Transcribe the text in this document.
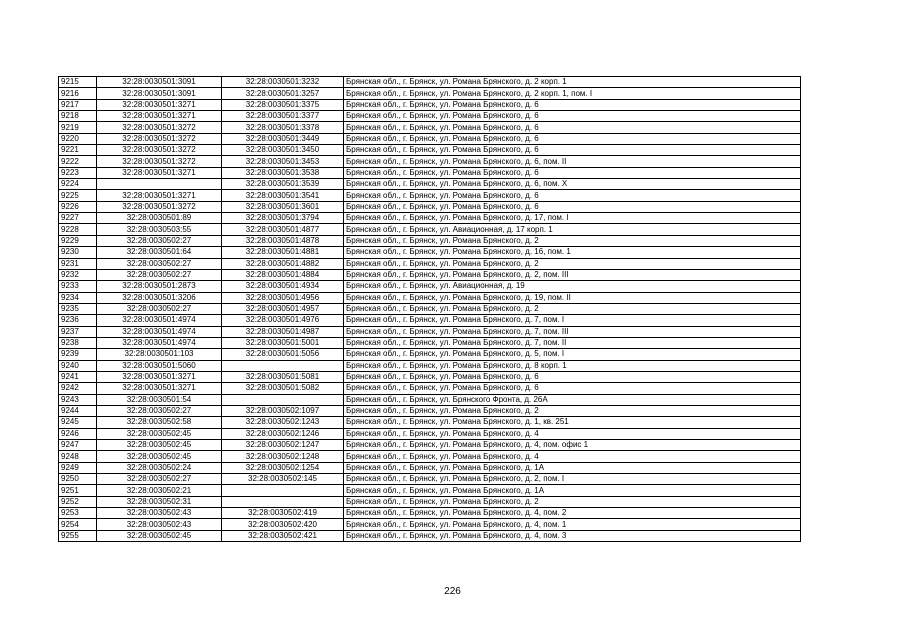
9215	32:28:0030501:3091	32:28:0030501:3232	Брянская обл., г. Брянск, ул. Романа Брянского, д. 2 корп. 1
9216	32:28:0030501:3091	32:28:0030501:3257	Брянская обл., г. Брянск, ул. Романа Брянского, д. 2 корп. 1, пом. I
9217	32:28:0030501:3271	32:28:0030501:3375	Брянская обл., г. Брянск, ул. Романа Брянского, д. 6
9218	32:28:0030501:3271	32:28:0030501:3377	Брянская обл., г. Брянск, ул. Романа Брянского, д. 6
9219	32:28:0030501:3272	32:28:0030501:3378	Брянская обл., г. Брянск, ул. Романа Брянского, д. 6
9220	32:28:0030501:3272	32:28:0030501:3449	Брянская обл., г. Брянск, ул. Романа Брянского, д. 6
9221	32:28:0030501:3272	32:28:0030501:3450	Брянская обл., г. Брянск, ул. Романа Брянского, д. 6
9222	32:28:0030501:3272	32:28:0030501:3453	Брянская обл., г. Брянск, ул. Романа Брянского, д. 6, пом. II
9223	32:28:0030501:3271	32:28:0030501:3538	Брянская обл., г. Брянск, ул. Романа Брянского, д. 6
9224		32:28:0030501:3539	Брянская обл., г. Брянск, ул. Романа Брянского, д. 6, пом. X
9225	32:28:0030501:3271	32:28:0030501:3541	Брянская обл., г. Брянск, ул. Романа Брянского, д. 6
9226	32:28:0030501:3272	32:28:0030501:3601	Брянская обл., г. Брянск, ул. Романа Брянского, д. 6
9227	32:28:0030501:89	32:28:0030501:3794	Брянская обл., г. Брянск, ул. Романа Брянского, д. 17, пом. I
9228	32:28:0030503:55	32:28:0030501:4877	Брянская обл., г. Брянск, ул. Авиационная, д. 17 корп. 1
9229	32:28:0030502:27	32:28:0030501:4878	Брянская обл., г. Брянск, ул. Романа Брянского, д. 2
9230	32:28:0030501:64	32:28:0030501:4881	Брянская обл., г. Брянск, ул. Романа Брянского, д. 16, пом. 1
9231	32:28:0030502:27	32:28:0030501:4882	Брянская обл., г. Брянск, ул. Романа Брянского, д. 2
9232	32:28:0030502:27	32:28:0030501:4884	Брянская обл., г. Брянск, ул. Романа Брянского, д. 2, пом. III
9233	32:28:0030501:2873	32:28:0030501:4934	Брянская обл., г. Брянск, ул. Авиационная, д. 19
9234	32:28:0030501:3206	32:28:0030501:4956	Брянская обл., г. Брянск, ул. Романа Брянского, д. 19, пом. II
9235	32:28:0030502:27	32:28:0030501:4957	Брянская обл., г. Брянск, ул. Романа Брянского, д. 2
9236	32:28:0030501:4974	32:28:0030501:4976	Брянская обл., г. Брянск, ул. Романа Брянского, д. 7, пом. I
9237	32:28:0030501:4974	32:28:0030501:4987	Брянская обл., г. Брянск, ул. Романа Брянского, д. 7, пом. III
9238	32:28:0030501:4974	32:28:0030501:5001	Брянская обл., г. Брянск, ул. Романа Брянского, д. 7, пом. II
9239	32:28:0030501:103	32:28:0030501:5056	Брянская обл., г. Брянск, ул. Романа Брянского, д. 5, пом. I
9240	32:28:0030501:5060		Брянская обл., г. Брянск, ул. Романа Брянского, д. 8 корп. 1
9241	32:28:0030501:3271	32:28:0030501:5081	Брянская обл., г. Брянск, ул. Романа Брянского, д. 6
9242	32:28:0030501:3271	32:28:0030501:5082	Брянская обл., г. Брянск, ул. Романа Брянского, д. 6
9243	32:28:0030501:54		Брянская обл., г. Брянск, ул. Брянского Фронта, д. 26А
9244	32:28:0030502:27	32:28:0030502:1097	Брянская обл., г. Брянск, ул. Романа Брянского, д. 2
9245	32:28:0030502:58	32:28:0030502:1243	Брянская обл., г. Брянск, ул. Романа Брянского, д. 1, кв. 251
9246	32:28:0030502:45	32:28:0030502:1246	Брянская обл., г. Брянск, ул. Романа Брянского, д. 4
9247	32:28:0030502:45	32:28:0030502:1247	Брянская обл., г. Брянск, ул. Романа Брянского, д. 4, пом. офис 1
9248	32:28:0030502:45	32:28:0030502:1248	Брянская обл., г. Брянск, ул. Романа Брянского, д. 4
9249	32:28:0030502:24	32:28:0030502:1254	Брянская обл., г. Брянск, ул. Романа Брянского, д. 1А
9250	32:28:0030502:27	32:28:0030502:145	Брянская обл., г. Брянск, ул. Романа Брянского, д. 2, пом. I
9251	32:28:0030502:21		Брянская обл., г. Брянск, ул. Романа Брянского, д. 1А
9252	32:28:0030502:31		Брянская обл., г. Брянск, ул. Романа Брянского, д. 2
9253	32:28:0030502:43	32:28:0030502:419	Брянская обл., г. Брянск, ул. Романа Брянского, д. 4, пом. 2
9254	32:28:0030502:43	32:28:0030502:420	Брянская обл., г. Брянск, ул. Романа Брянского, д. 4, пом. 1
9255	32:28:0030502:45	32:28:0030502:421	Брянская обл., г. Брянск, ул. Романа Брянского, д. 4, пом. 3
226
